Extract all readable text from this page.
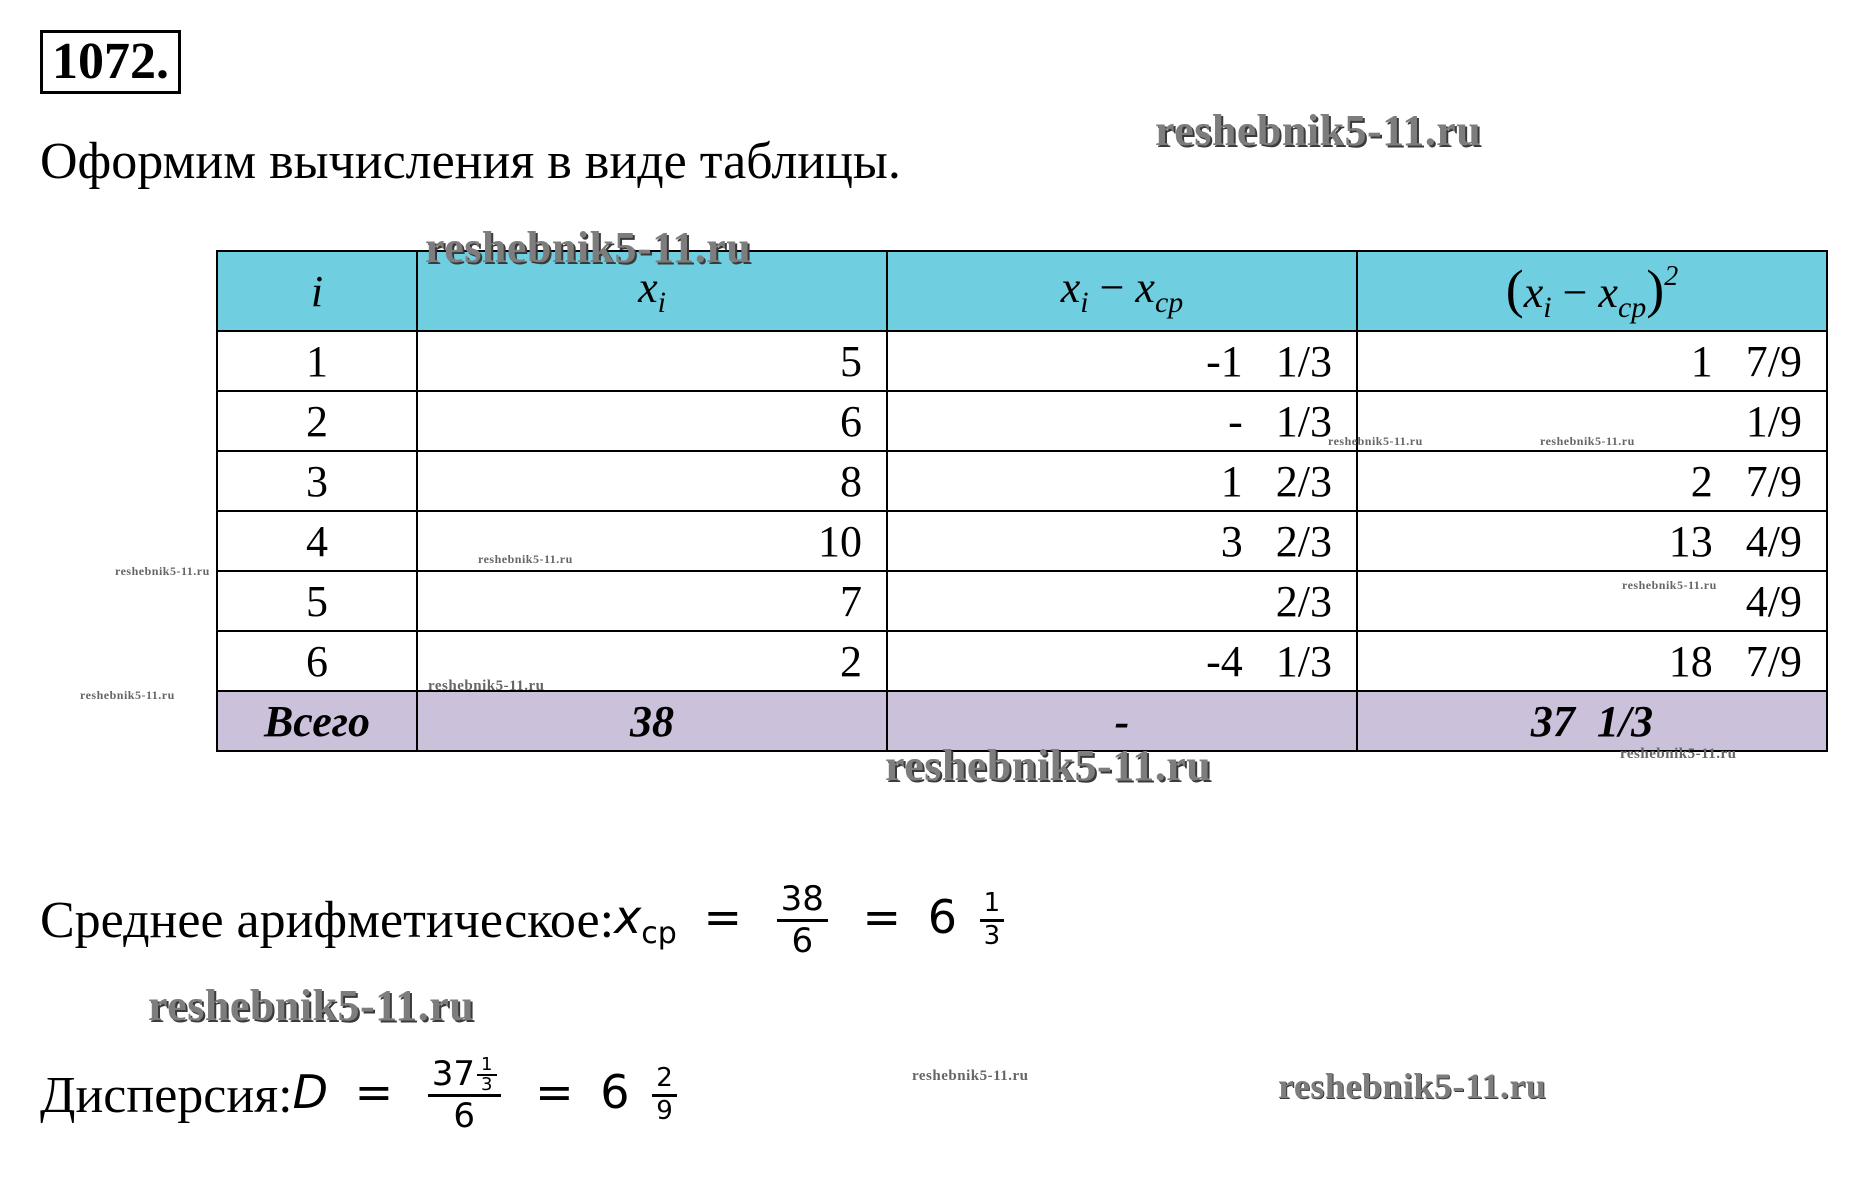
1072.
Оформим вычисления в виде таблицы.
i	$x_i$	$x_i - x_{ср}$	$(x_i - x_{ср})^2$
1	5	-1   1/3	1   7/9
2	6	-   1/3	1/9
3	8	1   2/3	2   7/9
4	10	3   2/3	13   4/9
5	7	2/3	4/9
6	2	-4   1/3	18   7/9
Всего	38	-	37  1/3
Среднее арифметическое: $x_{ср} = \frac{38}{6} = 6 \frac{1}{3}$
Дисперсия: $D = \frac{37 \frac{1}{3}}{6} = 6 \frac{2}{9}$
reshebnik5-11.ru
reshebnik5-11.ru
reshebnik5-11.ru
reshebnik5-11.ru
reshebnik5-11.ru
reshebnik5-11.ru
reshebnik5-11.ru	reshebnik5-11.ru
reshebnik5-11.ru
reshebnik5-11.ru
reshebnik5-11.ru
reshebnik5-11.ru
reshebnik5-11.ru
reshebnik5-11.ru
